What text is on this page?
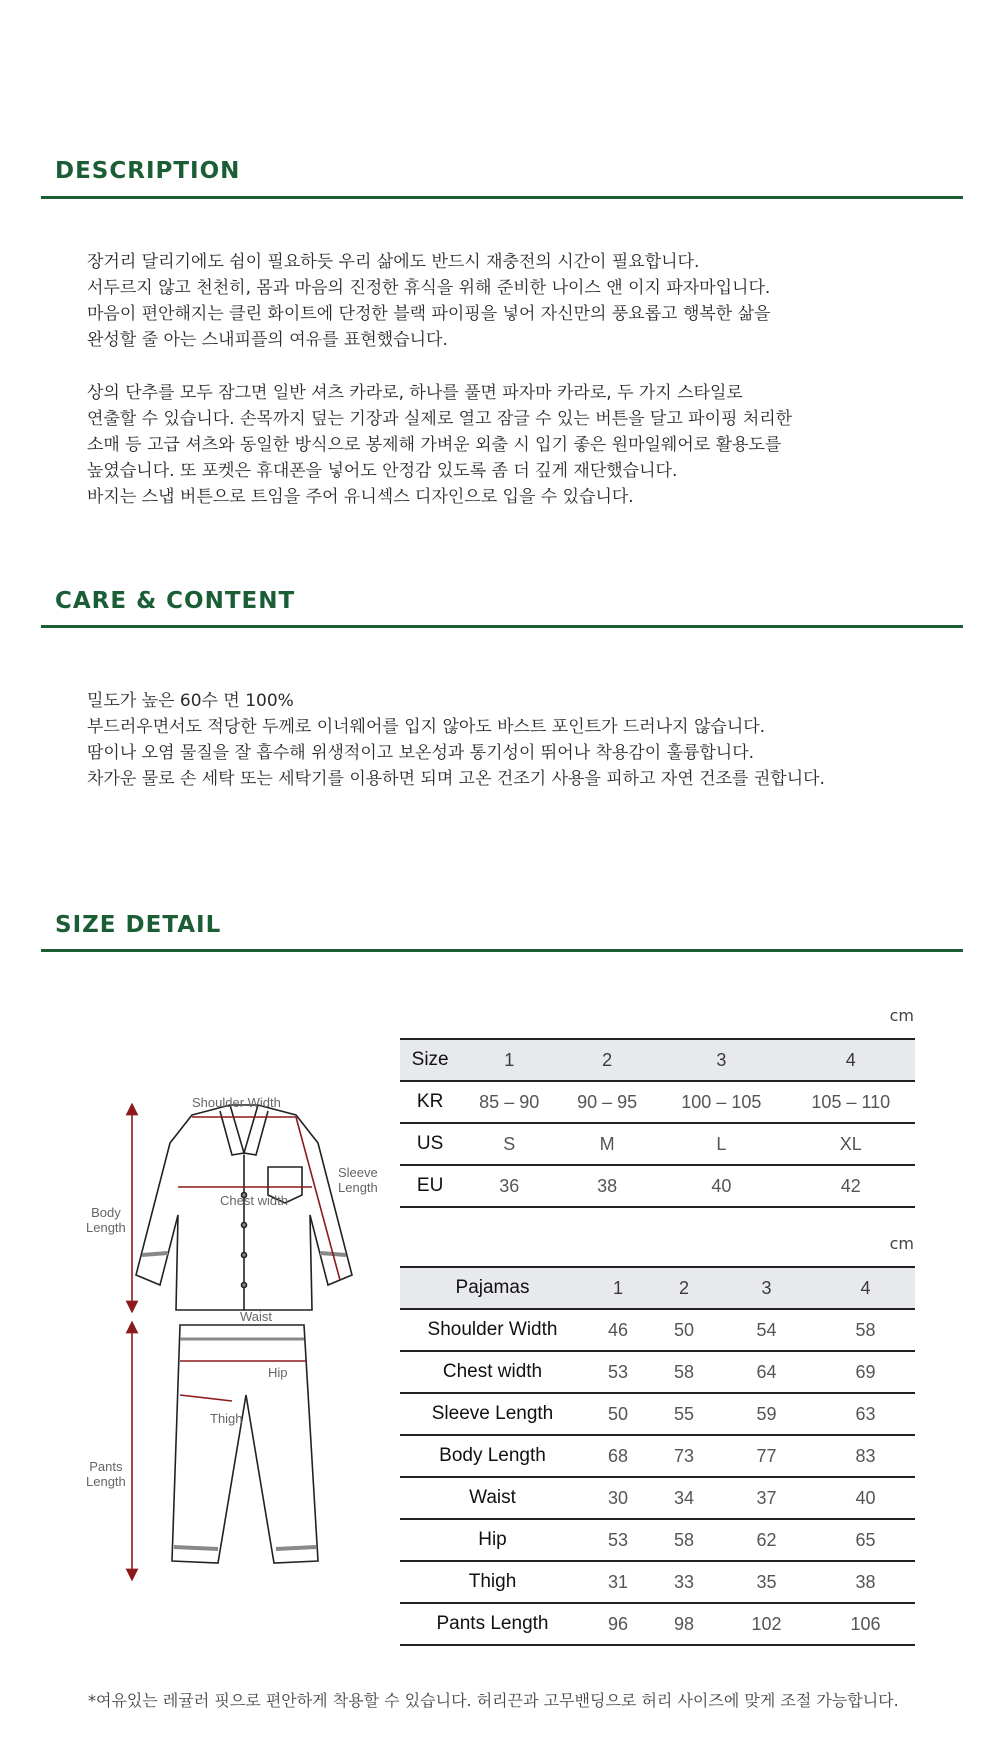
DESCRIPTION
장거리 달리기에도 쉼이 필요하듯 우리 삶에도 반드시 재충전의 시간이 필요합니다.
서두르지 않고 천천히, 몸과 마음의 진정한 휴식을 위해 준비한 나이스 앤 이지 파자마입니다.
마음이 편안해지는 클린 화이트에 단정한 블랙 파이핑을 넣어 자신만의 풍요롭고 행복한 삶을
완성할 줄 아는 스내피플의 여유를 표현했습니다.
상의 단추를 모두 잠그면 일반 셔츠 카라로, 하나를 풀면 파자마 카라로, 두 가지 스타일로
연출할 수 있습니다. 손목까지 덮는 기장과 실제로 열고 잠글 수 있는 버튼을 달고 파이핑 처리한
소매 등 고급 셔츠와 동일한 방식으로 봉제해 가벼운 외출 시 입기 좋은 원마일웨어로 활용도를
높였습니다. 또 포켓은 휴대폰을 넣어도 안정감 있도록 좀 더 깊게 재단했습니다.
바지는 스냅 버튼으로 트임을 주어 유니섹스 디자인으로 입을 수 있습니다.
CARE & CONTENT
밀도가 높은 60수 면 100%
부드러우면서도 적당한 두께로 이너웨어를 입지 않아도 바스트 포인트가 드러나지 않습니다.
땀이나 오염 물질을 잘 흡수해 위생적이고 보온성과 통기성이 뛰어나 착용감이 훌륭합니다.
차가운 물로 손 세탁 또는 세탁기를 이용하면 되며 고온 건조기 사용을 피하고 자연 건조를 권합니다.
SIZE DETAIL
cm
Size	1	2	3	4
KR	85 – 90	90 – 95	100 – 105	105 – 110
US	S	M	L	XL
EU	36	38	40	42
cm
Pajamas	1	2	3	4
Shoulder Width	46	50	54	58
Chest width	53	58	64	69
Sleeve Length	50	55	59	63
Body Length	68	73	77	83
Waist	30	34	37	40
Hip	53	58	62	65
Thigh	31	33	35	38
Pants Length	96	98	102	106
Shoulder Width
Sleeve
Length
Body
Length
Chest width
Waist
Hip
Thigh
Pants
Length

*여유있는 레귤러 핏으로 편안하게 착용할 수 있습니다. 허리끈과 고무밴딩으로 허리 사이즈에 맞게 조절 가능합니다.
